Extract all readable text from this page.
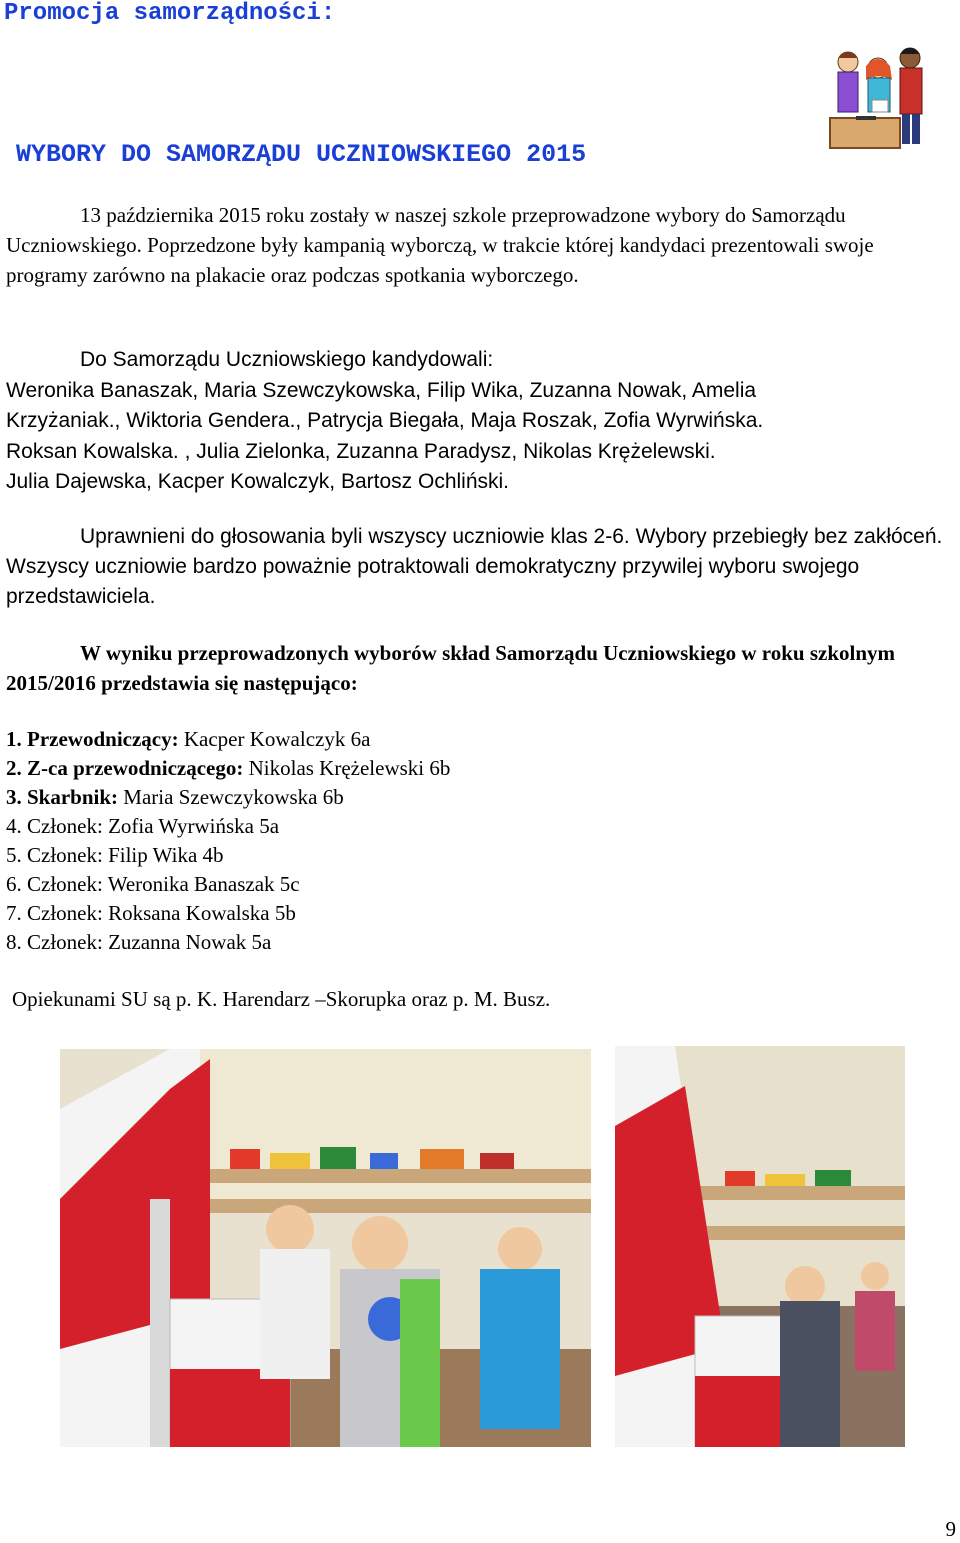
Promocja samorządności:
WYBORY DO SAMORZĄDU UCZNIOWSKIEGO 2015
13 października 2015 roku zostały w naszej szkole przeprowadzone wybory do Samorządu Uczniowskiego. Poprzedzone były kampanią wyborczą, w trakcie której kandydaci prezentowali swoje programy zarówno na plakacie oraz podczas spotkania wyborczego.
Do Samorządu Uczniowskiego kandydowali:
Weronika Banaszak, Maria Szewczykowska, Filip Wika, Zuzanna Nowak, Amelia
Krzyżaniak., Wiktoria Gendera., Patrycja Biegała, Maja Roszak, Zofia Wyrwińska.
Roksan Kowalska. , Julia Zielonka, Zuzanna Paradysz, Nikolas Krężelewski.
Julia Dajewska, Kacper Kowalczyk, Bartosz Ochliński.
Uprawnieni do głosowania byli wszyscy uczniowie klas 2-6. Wybory przebiegły bez zakłóceń. Wszyscy uczniowie bardzo poważnie potraktowali demokratyczny przywilej wyboru swojego przedstawiciela.
W wyniku przeprowadzonych wyborów skład Samorządu Uczniowskiego w roku szkolnym 2015/2016 przedstawia się następująco:
1. Przewodniczący: Kacper Kowalczyk 6a
2. Z-ca przewodniczącego: Nikolas Krężelewski 6b
3. Skarbnik: Maria Szewczykowska 6b
4. Członek: Zofia Wyrwińska 5a
5. Członek: Filip Wika 4b
6. Członek: Weronika Banaszak 5c
7. Członek: Roksana Kowalska 5b
8. Członek: Zuzanna Nowak 5a
Opiekunami SU są p. K. Harendarz –Skorupka oraz p. M. Busz.
9
